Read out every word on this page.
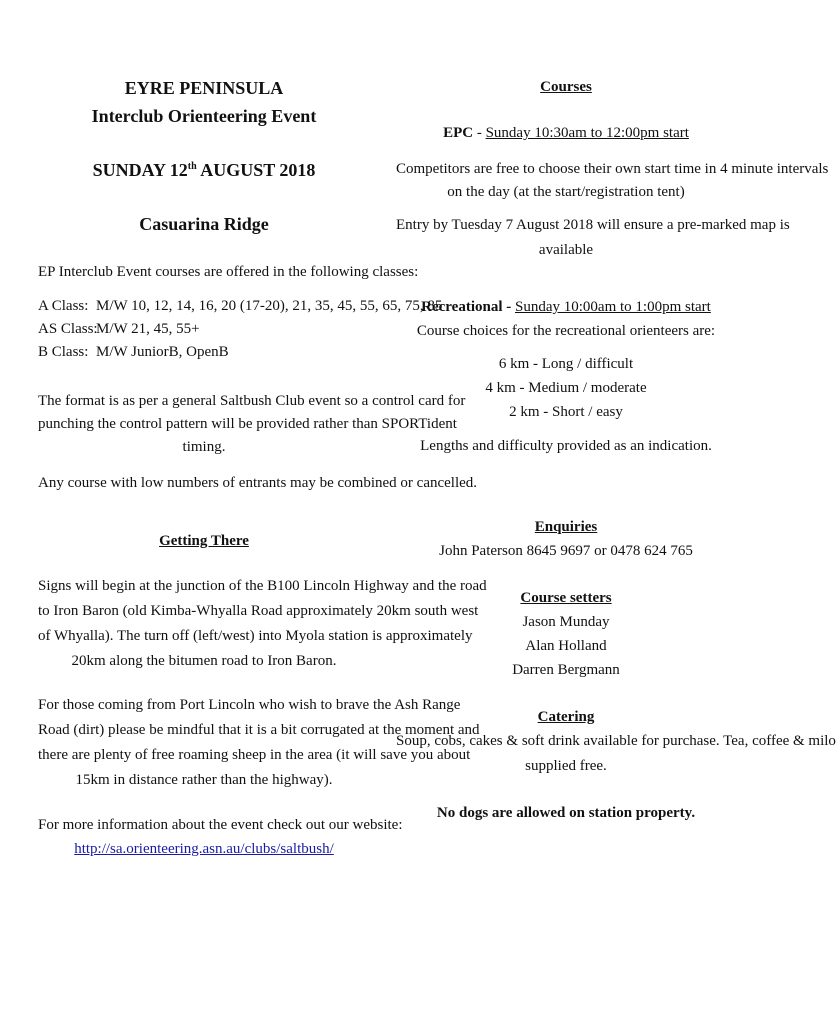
EYRE PENINSULA
Interclub Orienteering Event
SUNDAY 12th AUGUST 2018
Casuarina Ridge
EP Interclub Event courses are offered in the following classes:
A Class: M/W 10, 12, 14, 16, 20 (17-20), 21, 35, 45, 55, 65, 75, 85
AS Class:M/W 21, 45, 55+
B Class: M/W JuniorB, OpenB
The format is as per a general Saltbush Club event so a control card for
punching the control pattern will be provided rather than SPORTident
timing.
Any course with low numbers of entrants may be combined or cancelled.
Getting There
Signs will begin at the junction of the B100 Lincoln Highway and the road
to Iron Baron (old Kimba-Whyalla Road approximately 20km south west
of Whyalla). The turn off (left/west) into Myola station is approximately
20km along the bitumen road to Iron Baron.
For those coming from Port Lincoln who wish to brave the Ash Range
Road (dirt) please be mindful that it is a bit corrugated at the moment and
there are plenty of free roaming sheep in the area (it will save you about
15km in distance rather than the highway).
For more information about the event check out our website:
http://sa.orienteering.asn.au/clubs/saltbush/
Courses
EPC - Sunday 10:30am to 12:00pm start
Competitors are free to choose their own start time in 4 minute intervals
on the day (at the start/registration tent)
Entry by Tuesday 7 August 2018 will ensure a pre-marked map is
available
Recreational - Sunday 10:00am to 1:00pm start
Course choices for the recreational orienteers are:
6 km - Long / difficult
4 km - Medium / moderate
2 km - Short / easy
Lengths and difficulty provided as an indication.
Enquiries
John Paterson 8645 9697 or 0478 624 765
Course setters
Jason Munday
Alan Holland
Darren Bergmann
Catering
Soup, cobs, cakes & soft drink available for purchase. Tea, coffee & milo
supplied free.
No dogs are allowed on station property.
